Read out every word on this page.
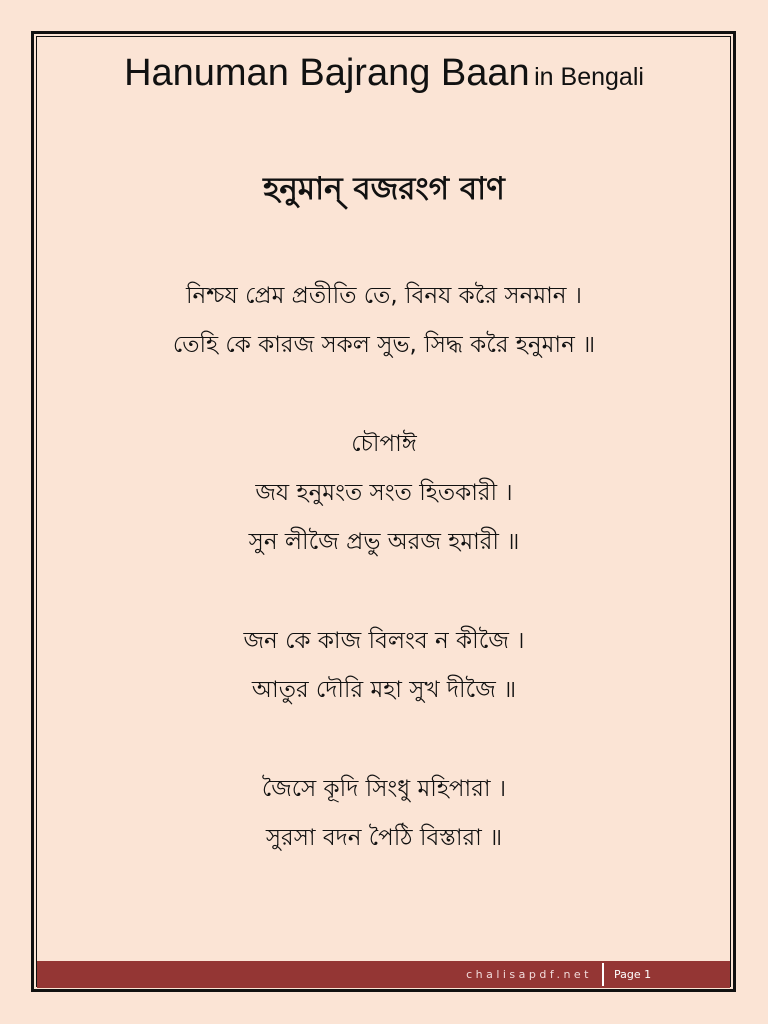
Hanuman Bajrang Baan in Bengali
হনুমান্ বজরংগ বাণ
নিশ্চয প্রেম প্রতীতি তে, বিনয করৈ সনমান ।
তেহি কে কারজ সকল সুভ, সিদ্ধ করৈ হনুমান ॥
চৌপাঈ
জয হনুমংত সংত হিতকারী ।
সুন লীজৈ প্রভু অরজ হমারী ॥
জন কে কাজ বিলংব ন কীজৈ ।
আতুর দৌরি মহা সুখ দীজৈ ॥
জৈসে কূদি সিংধু মহিপারা ।
সুরসা বদন পৈঠি বিস্তারা ॥
chalisapdf.net Page 1
